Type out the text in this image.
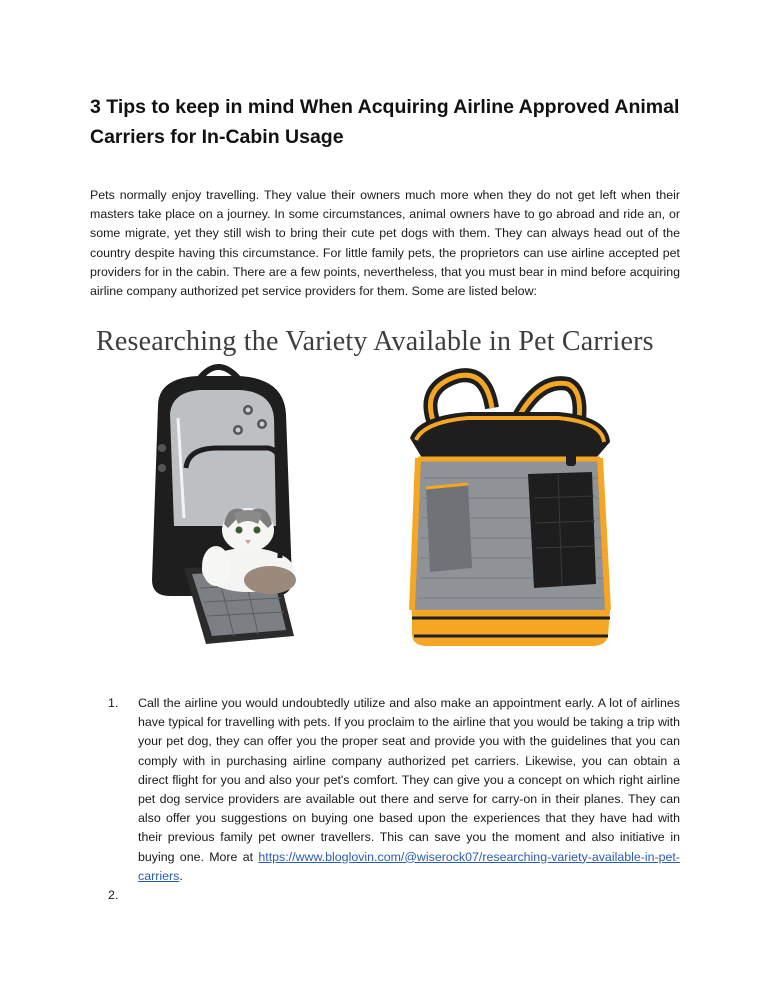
3 Tips to keep in mind When Acquiring Airline Approved Animal Carriers for In-Cabin Usage

Pets normally enjoy travelling. They value their owners much more when they do not get left when their masters take place on a journey. In some circumstances, animal owners have to go abroad and ride an, or some migrate, yet they still wish to bring their cute pet dogs with them. They can always head out of the country despite having this circumstance. For little family pets, the proprietors can use airline accepted pet providers for in the cabin. There are a few points, nevertheless, that you must bear in mind before acquiring airline company authorized pet service providers for them. Some are listed below:

Researching the Variety Available in Pet Carriers
1. Call the airline you would undoubtedly utilize and also make an appointment early. A lot of airlines have typical for travelling with pets. If you proclaim to the airline that you would be taking a trip with your pet dog, they can offer you the proper seat and provide you with the guidelines that you can comply with in purchasing airline company authorized pet carriers. Likewise, you can obtain a direct flight for you and also your pet's comfort. They can give you a concept on which right airline pet dog service providers are available out there and serve for carry-on in their planes. They can also offer you suggestions on buying one based upon the experiences that they have had with their previous family pet owner travellers. This can save you the moment and also initiative in buying one. More at https://www.bloglovin.com/@wiserock07/researching-variety-available-in-pet-carriers.
2.
